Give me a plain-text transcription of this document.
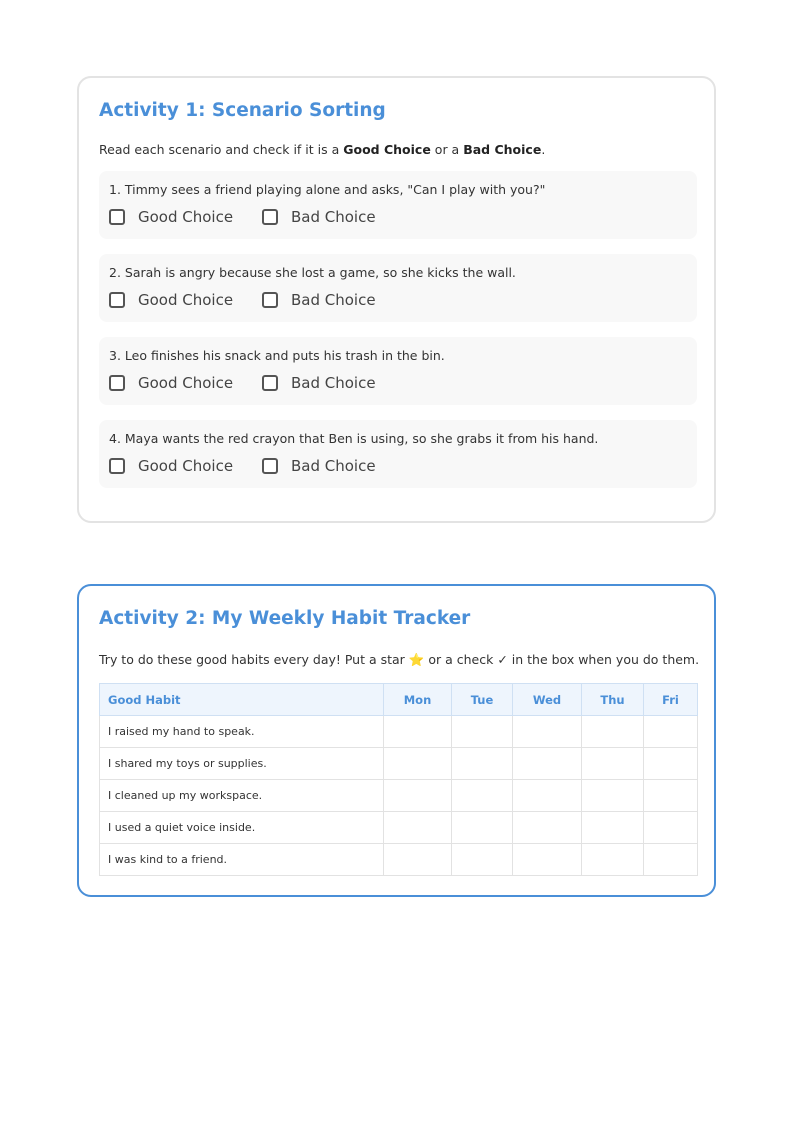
Activity 1: Scenario Sorting
Read each scenario and check if it is a Good Choice or a Bad Choice.
1. Timmy sees a friend playing alone and asks, "Can I play with you?"
Good Choice	Bad Choice
2. Sarah is angry because she lost a game, so she kicks the wall.
Good Choice	Bad Choice
3. Leo finishes his snack and puts his trash in the bin.
Good Choice	Bad Choice
4. Maya wants the red crayon that Ben is using, so she grabs it from his hand.
Good Choice	Bad Choice
Activity 2: My Weekly Habit Tracker
Try to do these good habits every day! Put a star ⭐ or a check ✓ in the box when you do them.
Good Habit	Mon	Tue	Wed	Thu	Fri
I raised my hand to speak.					
I shared my toys or supplies.					
I cleaned up my workspace.					
I used a quiet voice inside.					
I was kind to a friend.					
